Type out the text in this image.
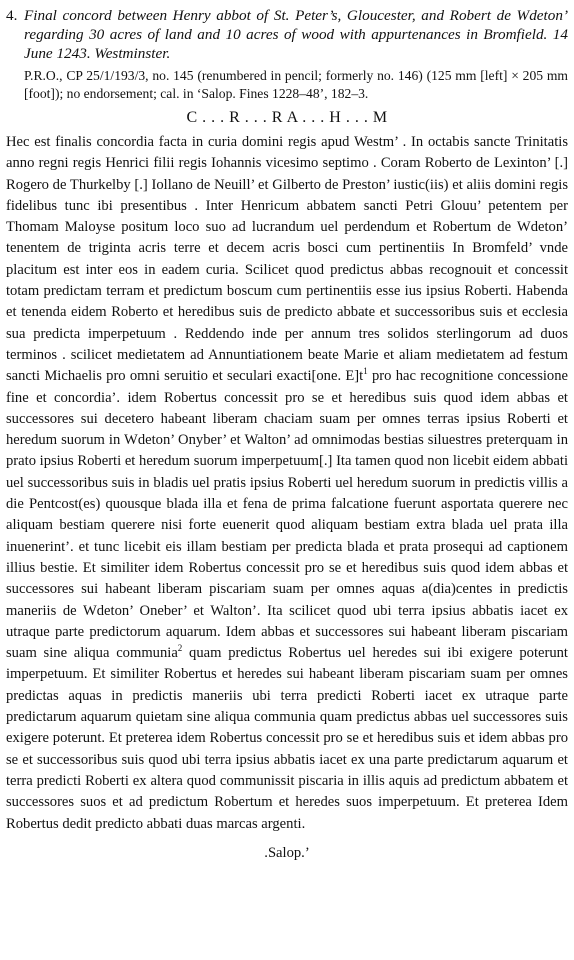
4. Final concord between Henry abbot of St. Peter’s, Gloucester, and Robert de Wdeton’ regarding 30 acres of land and 10 acres of wood with appurtenances in Bromfield. 14 June 1243. Westminster.
P.R.O., CP 25/1/193/3, no. 145 (renumbered in pencil; formerly no. 146) (125 mm [left] × 205 mm [foot]); no endorsement; cal. in ‘Salop. Fines 1228–48’, 182–3.
C . . . R . . . R A . . . H . . . M

Hec est finalis concordia facta in curia domini regis apud Westm’ . In octabis sancte Trinitatis anno regni regis Henrici filii regis Iohannis vicesimo septimo . Coram Roberto de Lexinton’ [.] Rogero de Thurkelby [.] Iollano de Neuill’ et Gilberto de Preston’ iustic(iis) et aliis domini regis fidelibus tunc ibi presentibus . Inter Henricum abbatem sancti Petri Glouu’ petentem per Thomam Maloyse positum loco suo ad lucrandum uel perdendum et Robertum de Wdeton’ tenentem de triginta acris terre et decem acris bosci cum pertinentiis In Bromfeld’ vnde placitum est inter eos in eadem curia. Scilicet quod predictus abbas recognouit et concessit totam predictam terram et predictum boscum cum pertinentiis esse ius ipsius Roberti. Habenda et tenenda eidem Roberto et heredibus suis de predicto abbate et successoribus suis et ecclesia sua predicta imperpetuum . Reddendo inde per annum tres solidos sterlingorum ad duos terminos . scilicet medietatem ad Annuntiationem beate Marie et aliam medietatem ad festum sancti Michaelis pro omni seruitio et seculari exacti[one. $E]t^1$ pro hac recognitione concessione fine et concordia’. idem Robertus concessit pro se et heredibus suis quod idem abbas et successores sui decetero habeant liberam chaciam suam per omnes terras ipsius Roberti et heredum suorum in Wdeton’ Onyber’ et Walton’ ad omnimodas bestias siluestres preterquam in prato ipsius Roberti et heredum suorum imperpetuum[.] Ita tamen quod non licebit eidem abbati uel successoribus suis in bladis uel pratis ipsius Roberti uel heredum suorum in predictis villis a die Pentcost(es) quousque blada illa et fena de prima falcatione fuerunt asportata querere nec aliquam bestiam querere nisi forte euenerit quod aliquam bestiam extra blada uel prata illa inuenerint’. et tunc licebit eis illam bestiam per predicta blada et prata prosequi ad captionem illius bestie. Et similiter idem Robertus concessit pro se et heredibus suis quod idem abbas et successores sui habeant liberam piscariam suam per omnes aquas a(dia)centes in predictis maneriis de Wdeton’ Oneber’ et Walton’. Ita scilicet quod ubi terra ipsius abbatis iacet ex utraque parte predictorum aquarum. Idem abbas et successores sui habeant liberam piscariam suam sine aliqua communia$^2$ quam predictus Robertus uel heredes sui ibi exigere poterunt imperpetuum. Et similiter Robertus et heredes sui habeant liberam piscariam suam per omnes predictas aquas in predictis maneriis ubi terra predicti Roberti iacet ex utraque parte predictarum aquarum quietam sine aliqua communia quam predictus abbas uel successores suis exigere poterunt. Et preterea idem Robertus concessit pro se et heredibus suis et idem abbas pro se et successoribus suis quod ubi terra ipsius abbatis iacet ex una parte predictarum aquarum et terra predicti Roberti ex altera quod communissit piscaria in illis aquis ad predictum abbatem et successores suos et ad predictum Robertum et heredes suos imperpetuum. Et preterea Idem Robertus dedit predicto abbati duas marcas argenti.

.Salop.’
